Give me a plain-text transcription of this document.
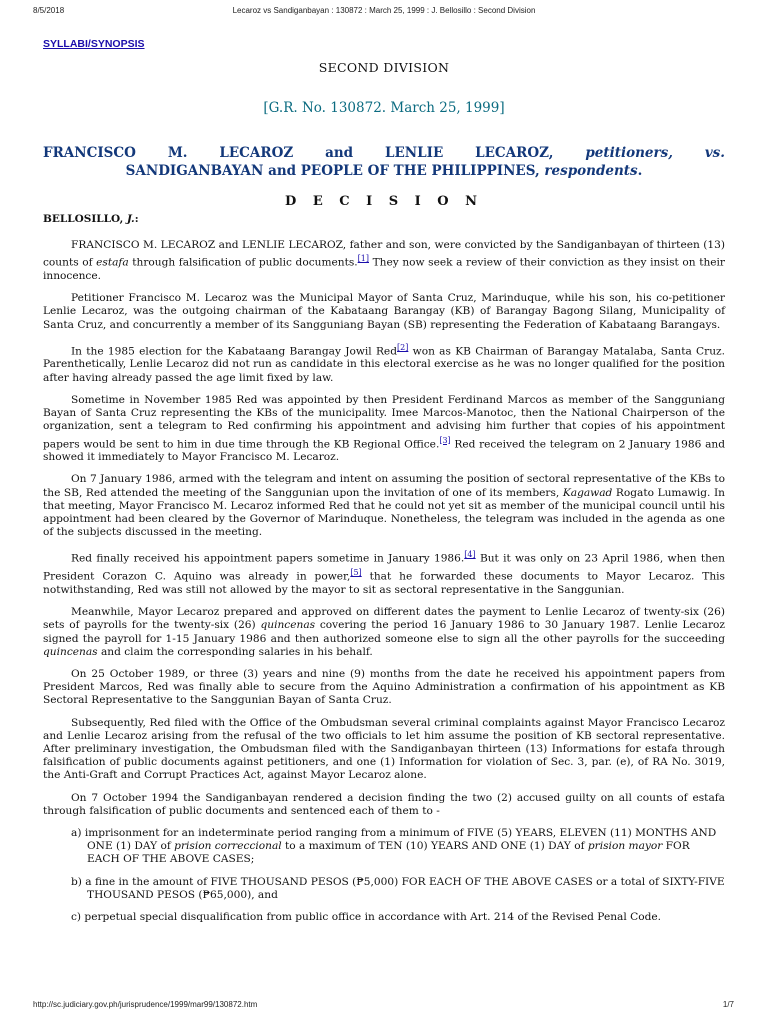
8/5/2018	Lecaroz vs Sandiganbayan : 130872 : March 25, 1999 : J. Bellosillo : Second Division
SYLLABI/SYNOPSIS
SECOND DIVISION
[G.R. No. 130872. March 25, 1999]
FRANCISCO M. LECAROZ and LENLIE LECAROZ, petitioners, vs.
SANDIGANBAYAN and PEOPLE OF THE PHILIPPINES, respondents.
D E C I S I O N
BELLOSILLO, J.:

FRANCISCO M. LECAROZ and LENLIE LECAROZ, father and son, were convicted by the Sandiganbayan of thirteen (13) counts of estafa through falsification of public documents.[1] They now seek a review of their conviction as they insist on their innocence.

Petitioner Francisco M. Lecaroz was the Municipal Mayor of Santa Cruz, Marinduque, while his son, his co-petitioner Lenlie Lecaroz, was the outgoing chairman of the Kabataang Barangay (KB) of Barangay Bagong Silang, Municipality of Santa Cruz, and concurrently a member of its Sangguniang Bayan (SB) representing the Federation of Kabataang Barangays.

In the 1985 election for the Kabataang Barangay Jowil Red[2] won as KB Chairman of Barangay Matalaba, Santa Cruz. Parenthetically, Lenlie Lecaroz did not run as candidate in this electoral exercise as he was no longer qualified for the position after having already passed the age limit fixed by law.

Sometime in November 1985 Red was appointed by then President Ferdinand Marcos as member of the Sangguniang Bayan of Santa Cruz representing the KBs of the municipality. Imee Marcos-Manotoc, then the National Chairperson of the organization, sent a telegram to Red confirming his appointment and advising him further that copies of his appointment papers would be sent to him in due time through the KB Regional Office.[3] Red received the telegram on 2 January 1986 and showed it immediately to Mayor Francisco M. Lecaroz.

On 7 January 1986, armed with the telegram and intent on assuming the position of sectoral representative of the KBs to the SB, Red attended the meeting of the Sanggunian upon the invitation of one of its members, Kagawad Rogato Lumawig. In that meeting, Mayor Francisco M. Lecaroz informed Red that he could not yet sit as member of the municipal council until his appointment had been cleared by the Governor of Marinduque. Nonetheless, the telegram was included in the agenda as one of the subjects discussed in the meeting.

Red finally received his appointment papers sometime in January 1986.[4] But it was only on 23 April 1986, when then President Corazon C. Aquino was already in power,[5] that he forwarded these documents to Mayor Lecaroz. This notwithstanding, Red was still not allowed by the mayor to sit as sectoral representative in the Sanggunian.

Meanwhile, Mayor Lecaroz prepared and approved on different dates the payment to Lenlie Lecaroz of twenty-six (26) sets of payrolls for the twenty-six (26) quincenas covering the period 16 January 1986 to 30 January 1987. Lenlie Lecaroz signed the payroll for 1-15 January 1986 and then authorized someone else to sign all the other payrolls for the succeeding quincenas and claim the corresponding salaries in his behalf.

On 25 October 1989, or three (3) years and nine (9) months from the date he received his appointment papers from President Marcos, Red was finally able to secure from the Aquino Administration a confirmation of his appointment as KB Sectoral Representative to the Sanggunian Bayan of Santa Cruz.

Subsequently, Red filed with the Office of the Ombudsman several criminal complaints against Mayor Francisco Lecaroz and Lenlie Lecaroz arising from the refusal of the two officials to let him assume the position of KB sectoral representative. After preliminary investigation, the Ombudsman filed with the Sandiganbayan thirteen (13) Informations for estafa through falsification of public documents against petitioners, and one (1) Information for violation of Sec. 3, par. (e), of RA No. 3019, the Anti-Graft and Corrupt Practices Act, against Mayor Lecaroz alone.

On 7 October 1994 the Sandiganbayan rendered a decision finding the two (2) accused guilty on all counts of estafa through falsification of public documents and sentenced each of them to -

a) imprisonment for an indeterminate period ranging from a minimum of FIVE (5) YEARS, ELEVEN (11) MONTHS AND ONE (1) DAY of prision correccional to a maximum of TEN (10) YEARS AND ONE (1) DAY of prision mayor FOR EACH OF THE ABOVE CASES;
b) a fine in the amount of FIVE THOUSAND PESOS (₱5,000) FOR EACH OF THE ABOVE CASES or a total of SIXTY-FIVE THOUSAND PESOS (₱65,000), and
c) perpetual special disqualification from public office in accordance with Art. 214 of the Revised Penal Code.
http://sc.judiciary.gov.ph/jurisprudence/1999/mar99/130872.htm	1/7
